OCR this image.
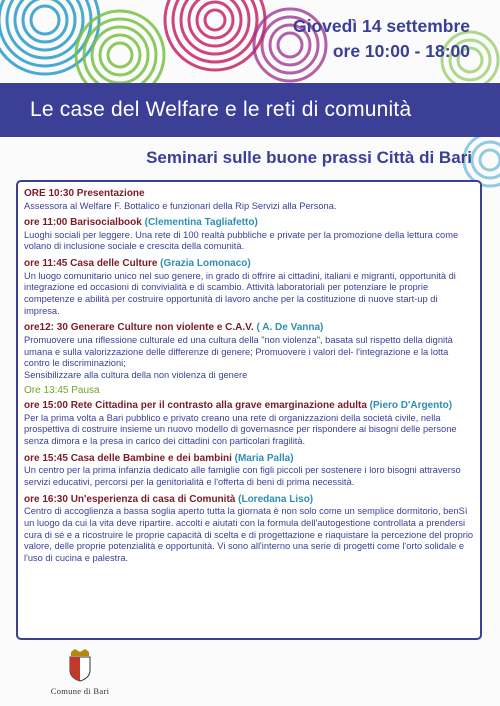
Giovedì 14 settembre
ore 10:00 - 18:00
Le case del Welfare e le reti di comunità
Seminari sulle buone prassi Città di Bari
ORE 10:30 Presentazione
Assessora al Welfare F. Bottalico e funzionari della Rip Servizi alla Persona.
ore 11:00 Barisocialbook (Clementina Tagliafetto)
Luoghi sociali per leggere. Una rete di 100 realtà pubbliche e private per la promozione della lettura come
volano di inclusione sociale e crescita della comunità.
ore 11:45 Casa delle Culture (Grazia Lomonaco)
Un luogo comunitario unico nel suo genere, in grado di offrire ai cittadini, italiani e migranti, opportunità di
integrazione ed occasioni di convivialità e di scambio. Attività laboratoriali per potenziare le proprie
competenze e abilità per costruire opportunità di lavoro anche per la costituzione di nuove start-up di
impresa.
ore12: 30 Generare Culture non violente e C.A.V. ( A. De Vanna)
Promuovere una riflessione culturale ed una cultura della "non violenza", basata sul rispetto della dignità
umana e sulla valorizzazione delle differenze di genere; Promuovere i valori del- l'integrazione e la lotta
contro le discriminazioni;
Sensibilizzare alla cultura della non violenza di genere
Ore 13:45 Pausa
ore 15:00 Rete Cittadina per il contrasto alla grave emarginazione adulta (Piero D'Argento)
Per la prima volta a Bari pubblico e privato creano una rete di organizzazioni della società civile, nella
prospettiva di costruire insieme un nuovo modello di governasnce per rispondere ai bisogni delle persone
senza dimora e la presa in carico dei cittadini con particolari fragilità.
ore 15:45 Casa delle Bambine e dei bambini (Maria Palla)
Un centro per la prima infanzia dedicato alle famiglie con figli piccoli per sostenere i loro bisogni attraverso
servizi educativi, percorsi per la genitorialità e l'offerta di beni di prima necessità.
ore 16:30 Un'esperienza di casa di Comunità (Loredana Liso)
Centro di accoglienza a bassa soglia aperto tutta la giornata è non solo come un semplice dormitorio, benSì
un luogo da cui la vita deve ripartire. accolti e aiutati con la formula dell'autogestione controllata a prendersi
cura di sé e a ricostruire le proprie capacità di scelta e di progettazione e riaquistare la percezione del proprio
valore, delle proprie potenzialità e opportunità. Vi sono all'interno una serie di progetti come l'orto solidale e
l'uso di cucina e palestra.
Comune di Bari
